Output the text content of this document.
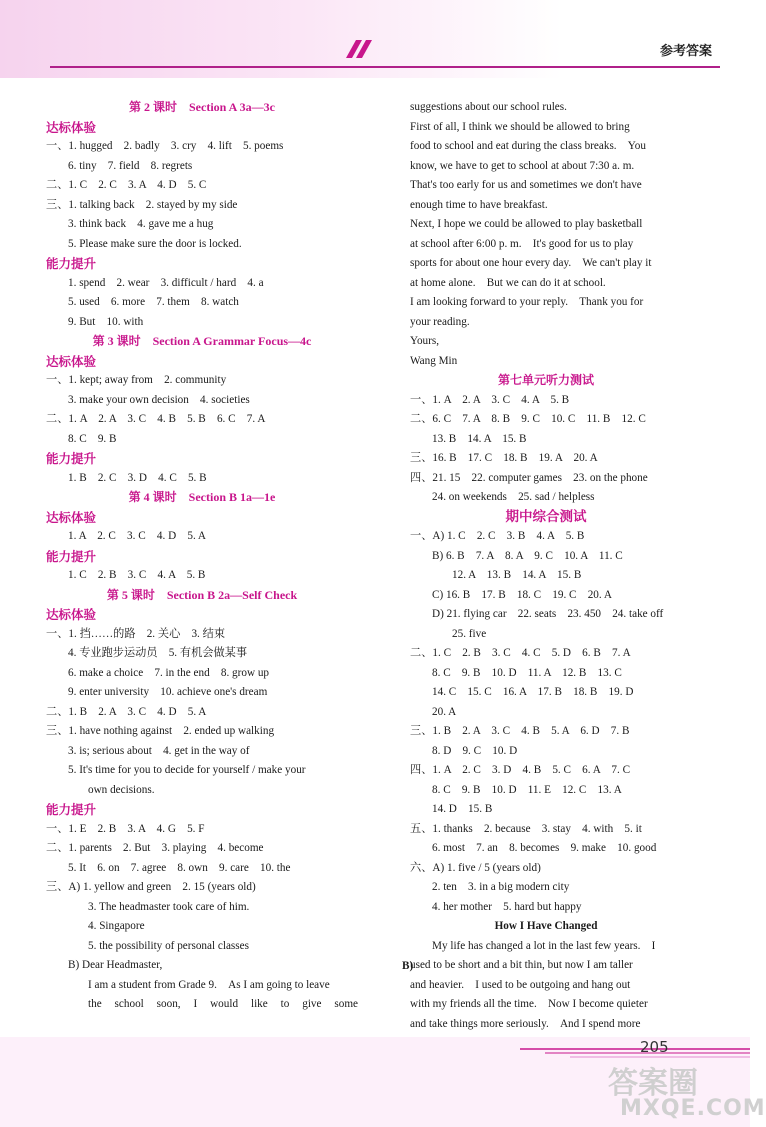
参考答案
第 2 课时　Section A 3a—3c
达标体验
一、1. hugged　2. badly　3. cry　4. lift　5. poems
6. tiny　7. field　8. regrets
二、1. C　2. C　3. A　4. D　5. C
三、1. talking back　2. stayed by my side
3. think back　4. gave me a hug
5. Please make sure the door is locked.
能力提升
1. spend　2. wear　3. difficult / hard　4. a
5. used　6. more　7. them　8. watch
9. But　10. with
第 3 课时　Section A Grammar Focus—4c
达标体验
一、1. kept; away from　2. community
3. make your own decision　4. societies
二、1. A　2. A　3. C　4. B　5. B　6. C　7. A
8. C　9. B
能力提升
1. B　2. C　3. D　4. C　5. B
第 4 课时　Section B 1a—1e
达标体验
1. A　2. C　3. C　4. D　5. A
能力提升
1. C　2. B　3. C　4. A　5. B
第 5 课时　Section B 2a—Self Check
达标体验
一、1. 挡……的路　2. 关心　3. 结束
4. 专业跑步运动员　5. 有机会做某事
6. make a choice　7. in the end　8. grow up
9. enter university　10. achieve one's dream
二、1. B　2. A　3. C　4. D　5. A
三、1. have nothing against　2. ended up walking
3. is; serious about　4. get in the way of
5. It's time for you to decide for yourself / make your
own decisions.
能力提升
一、1. E　2. B　3. A　4. G　5. F
二、1. parents　2. But　3. playing　4. become
5. It　6. on　7. agree　8. own　9. care　10. the
三、A) 1. yellow and green　2. 15 (years old)
3. The headmaster took care of him.
4. Singapore
5. the possibility of personal classes
B) Dear Headmaster,
I am a student from Grade 9.　As I am going to leave
the school soon, I would like to give some
suggestions about our school rules.
First of all, I think we should be allowed to bring
food to school and eat during the class breaks.　You
know, we have to get to school at about 7:30 a. m.
That's too early for us and sometimes we don't have
enough time to have breakfast.
Next, I hope we could be allowed to play basketball
at school after 6:00 p. m.　It's good for us to play
sports for about one hour every day.　We can't play it
at home alone.　But we can do it at school.
I am looking forward to your reply.　Thank you for
your reading.
Yours,
Wang Min
第七单元听力测试
一、1. A　2. A　3. C　4. A　5. B
二、6. C　7. A　8. B　9. C　10. C　11. B　12. C
13. B　14. A　15. B
三、16. B　17. C　18. B　19. A　20. A
四、21. 15　22. computer games　23. on the phone
24. on weekends　25. sad / helpless
期中综合测试
一、A) 1. C　2. C　3. B　4. A　5. B
B) 6. B　7. A　8. A　9. C　10. A　11. C
12. A　13. B　14. A　15. B
C) 16. B　17. B　18. C　19. C　20. A
D) 21. flying car　22. seats　23. 450　24. take off
25. five
二、1. C　2. B　3. C　4. C　5. D　6. B　7. A
8. C　9. B　10. D　11. A　12. B　13. C
14. C　15. C　16. A　17. B　18. B　19. D
20. A
三、1. B　2. A　3. C　4. B　5. A　6. D　7. B
8. D　9. C　10. D
四、1. A　2. C　3. D　4. B　5. C　6. A　7. C
8. C　9. B　10. D　11. E　12. C　13. A
14. D　15. B
五、1. thanks　2. because　3. stay　4. with　5. it
6. most　7. an　8. becomes　9. make　10. good
六、A) 1. five / 5 (years old)
2. ten　3. in a big modern city
4. her mother　5. hard but happy
How I Have Changed
My life has changed a lot in the last few years.　I
used to be short and a bit thin, but now I am taller
and heavier.　I used to be outgoing and hang out
with my friends all the time.　Now I become quieter
and take things more seriously.　And I spend more
B)
205
答案圈
MXQE.COM
